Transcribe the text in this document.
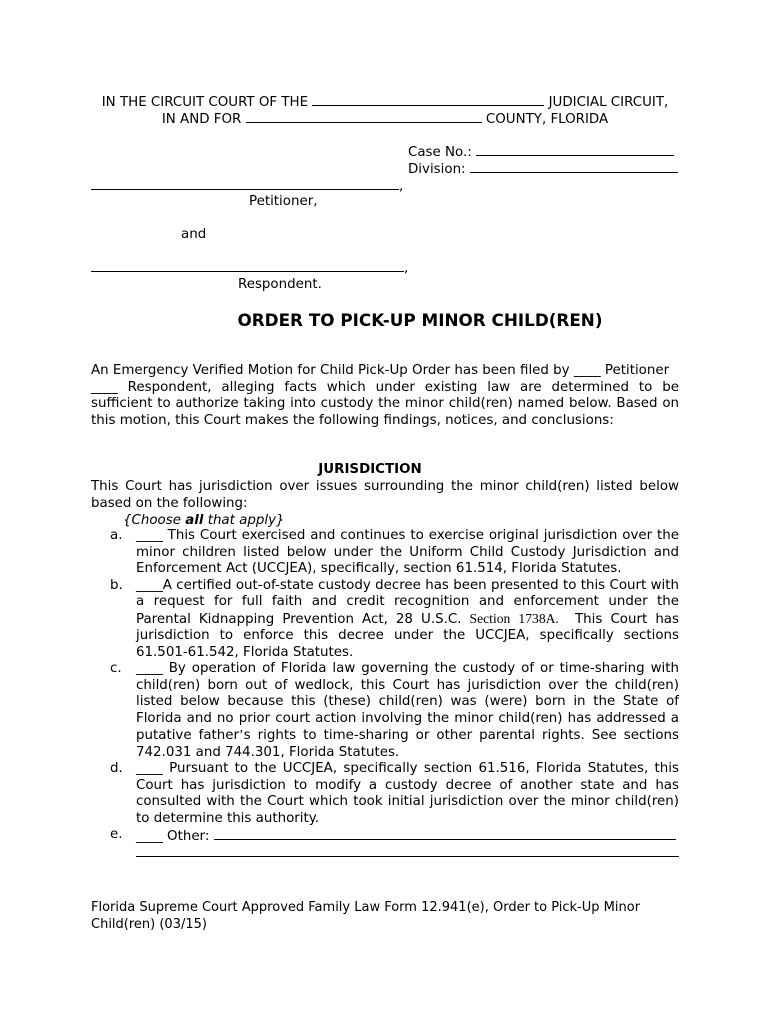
IN THE CIRCUIT COURT OF THE	JUDICIAL CIRCUIT,
IN AND FOR	COUNTY, FLORIDA
Case No.:
Division:
,
Petitioner,
and
,
Respondent.
ORDER TO PICK-UP MINOR CHILD(REN)
An Emergency Verified Motion for Child Pick-Up Order has been filed by ____ Petitioner
____ Respondent, alleging facts which under existing law are determined to be sufficient to authorize taking into custody the minor child(ren) named below. Based on this motion, this Court makes the following findings, notices, and conclusions:
JURISDICTION
This Court has jurisdiction over issues surrounding the minor child(ren) listed below based on the following:
{Choose all that apply}
a. ____ This Court exercised and continues to exercise original jurisdiction over the minor children listed below under the Uniform Child Custody Jurisdiction and Enforcement Act (UCCJEA), specifically, section 61.514, Florida Statutes.
b. ____A certified out-of-state custody decree has been presented to this Court with a request for full faith and credit recognition and enforcement under the Parental Kidnapping Prevention Act, 28 U.S.C. Section 1738A. This Court has jurisdiction to enforce this decree under the UCCJEA, specifically sections 61.501-61.542, Florida Statutes.
c. ____ By operation of Florida law governing the custody of or time-sharing with child(ren) born out of wedlock, this Court has jurisdiction over the child(ren) listed below because this (these) child(ren) was (were) born in the State of Florida and no prior court action involving the minor child(ren) has addressed a putative father’s rights to time-sharing or other parental rights. See sections 742.031 and 744.301, Florida Statutes.
d. ____ Pursuant to the UCCJEA, specifically section 61.516, Florida Statutes, this Court has jurisdiction to modify a custody decree of another state and has consulted with the Court which took initial jurisdiction over the minor child(ren) to determine this authority.
e. ____ Other:
Florida Supreme Court Approved Family Law Form 12.941(e), Order to Pick-Up Minor
Child(ren) (03/15)
